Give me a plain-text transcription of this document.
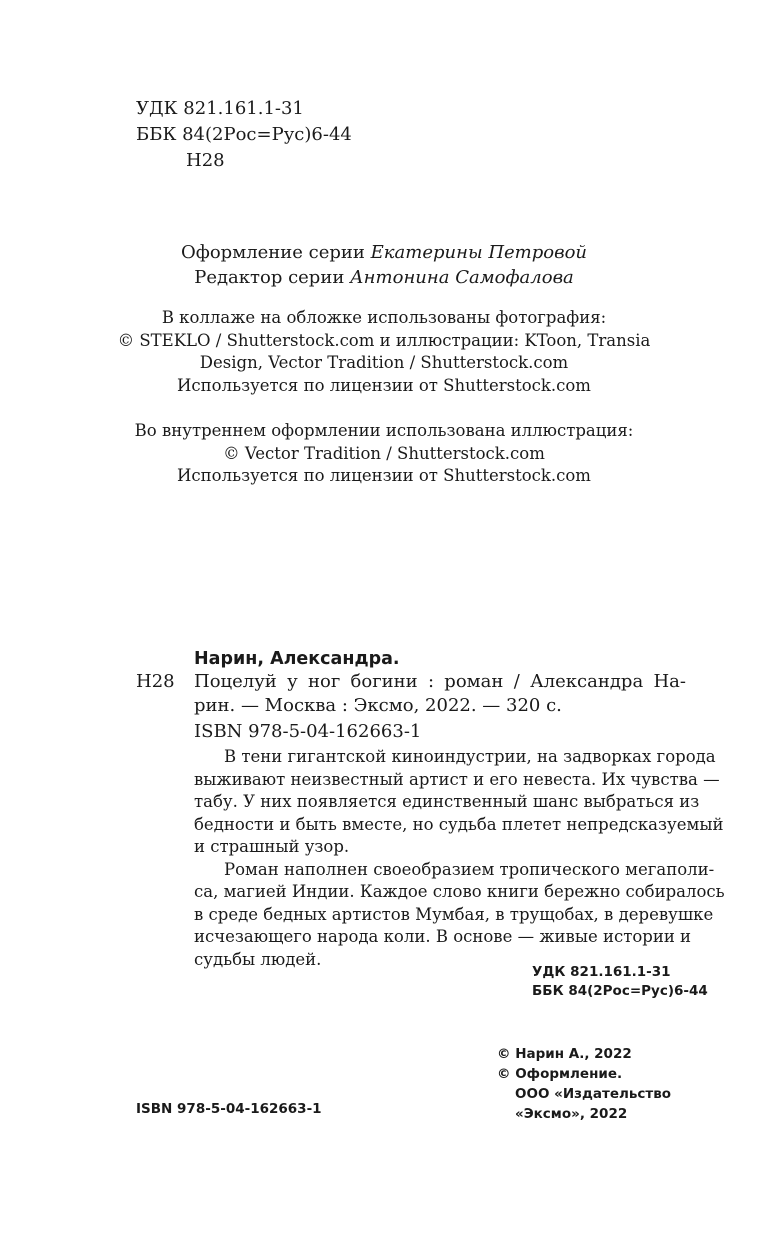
УДК 821.161.1-31
ББК 84(2Рос=Рус)6-44
Н28
Оформление серии Екатерины Петровой
Редактор серии Антонина Самофалова
В коллаже на обложке использованы фотография:
© STEKLO / Shutterstock.com и иллюстрации: KToon, Transia
Design, Vector Tradition / Shutterstock.com
Используется по лицензии от Shutterstock.com
Во внутреннем оформлении использована иллюстрация:
© Vector Tradition / Shutterstock.com
Используется по лицензии от Shutterstock.com
Нарин, Александра.
Н28 Поцелуй у ног богини : роман / Александра На-
рин. — Москва : Эксмо, 2022. — 320 с.
ISBN 978-5-04-162663-1
В тени гигантской киноиндустрии, на задворках города
выживают неизвестный артист и его невеста. Их чувства —
табу. У них появляется единственный шанс выбраться из
бедности и быть вместе, но судьба плетет непредсказуемый
и страшный узор.
Роман наполнен своеобразием тропического мегаполи-
са, магией Индии. Каждое слово книги бережно собиралось
в среде бедных артистов Мумбая, в трущобах, в деревушке
исчезающего народа коли. В основе — живые истории и
судьбы людей.
УДК 821.161.1-31
ББК 84(2Рос=Рус)6-44
© Нарин А., 2022
© Оформление.
ООО «Издательство
«Эксмо», 2022
ISBN 978-5-04-162663-1
